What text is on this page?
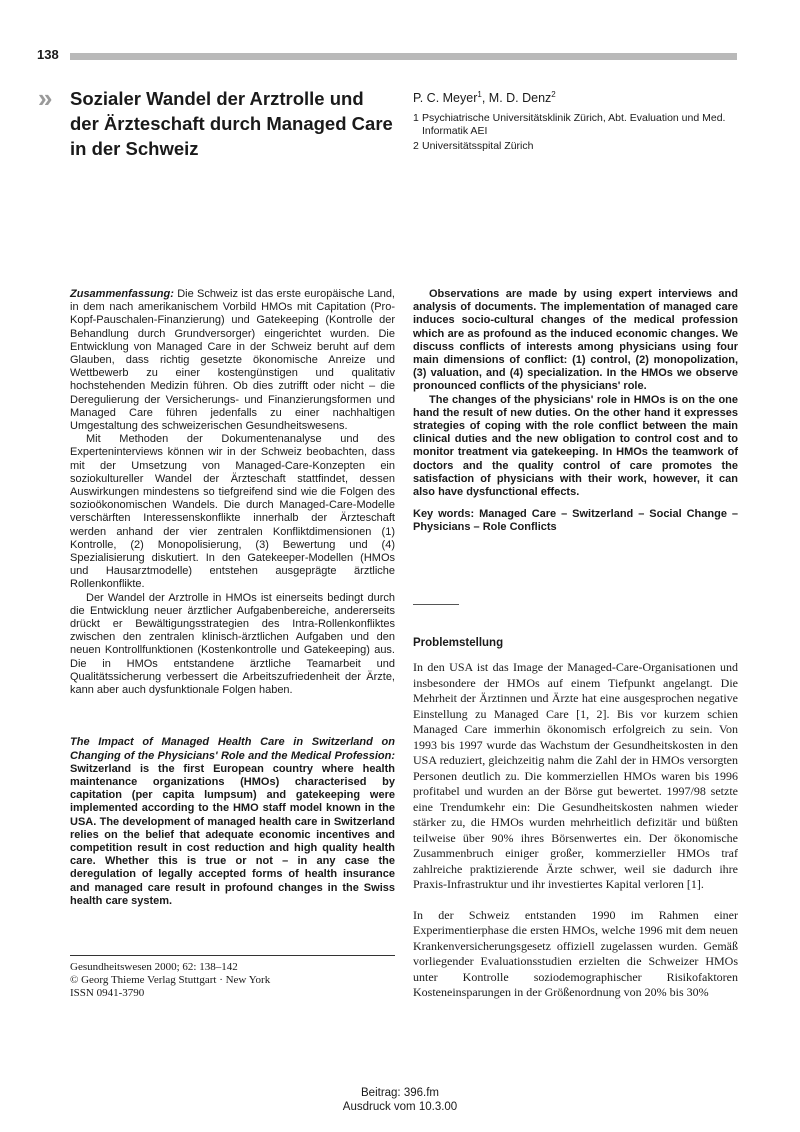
138
» Sozialer Wandel der Arztrolle und der Ärzteschaft durch Managed Care in der Schweiz
P. C. Meyer$^1$, M. D. Denz$^2$
1 Psychiatrische Universitätsklinik Zürich, Abt. Evaluation und Med. Informatik AEI
2 Universitätsspital Zürich

Zusammenfassung: Die Schweiz ist das erste europäische Land, in dem nach amerikanischem Vorbild HMOs mit Capitation (Pro-Kopf-Pauschalen-Finanzierung) und Gatekeeping (Kontrolle der Behandlung durch Grundversorger) eingerichtet wurden. Die Entwicklung von Managed Care in der Schweiz beruht auf dem Glauben, dass richtig gesetzte ökonomische Anreize und Wettbewerb zu einer kostengünstigen und qualitativ hochstehenden Medizin führen. Ob dies zutrifft oder nicht – die Deregulierung der Versicherungs- und Finanzierungsformen und Managed Care führen jedenfalls zu einer nachhaltigen Umgestaltung des schweizerischen Gesundheitswesens.

Mit Methoden der Dokumentenanalyse und des Experteninterviews können wir in der Schweiz beobachten, dass mit der Umsetzung von Managed-Care-Konzepten ein soziokultureller Wandel der Ärzteschaft stattfindet, dessen Auswirkungen mindestens so tiefgreifend sind wie die Folgen des sozioökonomischen Wandels. Die durch Managed-Care-Modelle verschärften Interessenskonflikte innerhalb der Ärzteschaft werden anhand der vier zentralen Konfliktdimensionen (1) Kontrolle, (2) Monopolisierung, (3) Bewertung und (4) Spezialisierung diskutiert. In den Gatekeeper-Modellen (HMOs und Hausarztmodelle) entstehen ausgeprägte ärztliche Rollenkonflikte.

Der Wandel der Arztrolle in HMOs ist einerseits bedingt durch die Entwicklung neuer ärztlicher Aufgabenbereiche, andererseits drückt er Bewältigungsstrategien des Intra-Rollenkonfliktes zwischen den zentralen klinisch-ärztlichen Aufgaben und den neuen Kontrollfunktionen (Kostenkontrolle und Gatekeeping) aus. Die in HMOs entstandene ärztliche Teamarbeit und Qualitätssicherung verbessert die Arbeitszufriedenheit der Ärzte, kann aber auch dysfunktionale Folgen haben.

The Impact of Managed Health Care in Switzerland on Changing of the Physicians' Role and the Medical Profession: Switzerland is the first European country where health maintenance organizations (HMOs) characterised by capitation (per capita lumpsum) and gatekeeping were implemented according to the HMO staff model known in the USA. The development of managed health care in Switzerland relies on the belief that adequate economic incentives and competition result in cost reduction and high quality health care. Whether this is true or not – in any case the deregulation of legally accepted forms of health insurance and managed care result in profound changes in the Swiss health care system.

Observations are made by using expert interviews and analysis of documents. The implementation of managed care induces socio-cultural changes of the medical profession which are as profound as the induced economic changes. We discuss conflicts of interests among physicians using four main dimensions of conflict: (1) control, (2) monopolization, (3) valuation, and (4) specialization. In the HMOs we observe pronounced conflicts of the physicians' role.

The changes of the physicians' role in HMOs is on the one hand the result of new duties. On the other hand it expresses strategies of coping with the role conflict between the main clinical duties and the new obligation to control cost and to monitor treatment via gatekeeping. In HMOs the teamwork of doctors and the quality control of care promotes the satisfaction of physicians with their work, however, it can also have dysfunctional effects.

Key words: Managed Care – Switzerland – Social Change – Physicians – Role Conflicts

Problemstellung

In den USA ist das Image der Managed-Care-Organisationen und insbesondere der HMOs auf einem Tiefpunkt angelangt. Die Mehrheit der Ärztinnen und Ärzte hat eine ausgesprochen negative Einstellung zu Managed Care [1, 2]. Bis vor kurzem schien Managed Care immerhin ökonomisch erfolgreich zu sein. Von 1993 bis 1997 wurde das Wachstum der Gesundheitskosten in den USA reduziert, gleichzeitig nahm die Zahl der in HMOs versorgten Personen deutlich zu. Die kommerziellen HMOs waren bis 1996 profitabel und wurden an der Börse gut bewertet. 1997/98 setzte eine Trendumkehr ein: Die Gesundheitskosten nahmen wieder stärker zu, die HMOs wurden mehrheitlich defizitär und büßten teilweise über 90% ihres Börsenwertes ein. Der ökonomische Zusammenbruch einiger großer, kommerzieller HMOs traf zahlreiche praktizierende Ärzte schwer, weil sie dadurch ihre Praxis-Infrastruktur und ihr investiertes Kapital verloren [1].

In der Schweiz entstanden 1990 im Rahmen einer Experimentierphase die ersten HMOs, welche 1996 mit dem neuen Krankenversicherungsgesetz offiziell zugelassen wurden. Gemäß vorliegender Evaluationsstudien erzielten die Schweizer HMOs unter Kontrolle soziodemographischer Risikofaktoren Kosteneinsparungen in der Größenordnung von 20% bis 30%

Gesundheitswesen 2000; 62: 138–142
© Georg Thieme Verlag Stuttgart · New York
ISSN 0941-3790
Beitrag: 396.fm
Ausdruck vom 10.3.00
